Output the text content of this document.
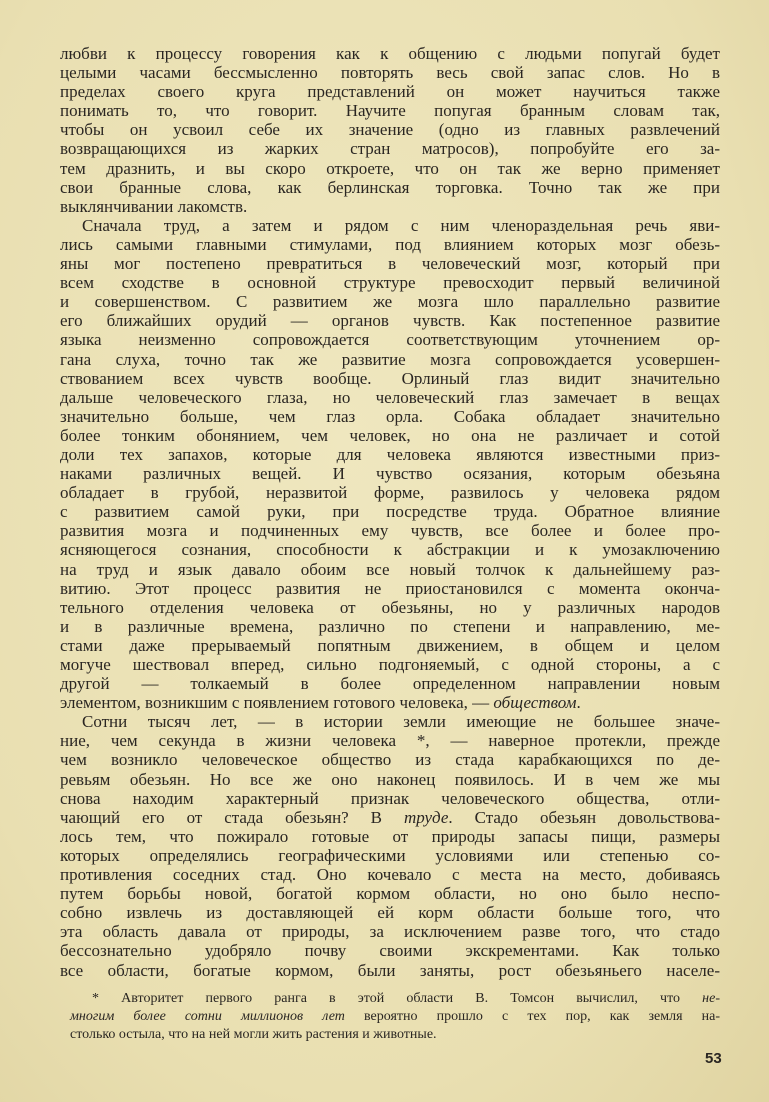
любви к процессу говорения как к общению с людьми попугай будет
целыми часами бессмысленно повторять весь свой запас слов. Но в
пределах своего круга представлений он может научиться также
понимать то, что говорит. Научите попугая бранным словам так,
чтобы он усвоил себе их значение (одно из главных развлечений
возвращающихся из жарких стран матросов), попробуйте его за-
тем дразнить, и вы скоро откроете, что он так же верно применяет
свои бранные слова, как берлинская торговка. Точно так же при
выклянчивании лакомств.
Сначала труд, а затем и рядом с ним членораздельная речь яви-
лись самыми главными стимулами, под влиянием которых мозг обезь-
яны мог постепено превратиться в человеческий мозг, который при
всем сходстве в основной структуре превосходит первый величиной
и совершенством. С развитием же мозга шло параллельно развитие
его ближайших орудий — органов чувств. Как постепенное развитие
языка неизменно сопровождается соответствующим уточнением ор-
гана слуха, точно так же развитие мозга сопровождается усовершен-
ствованием всех чувств вообще. Орлиный глаз видит значительно
дальше человеческого глаза, но человеческий глаз замечает в вещах
значительно больше, чем глаз орла. Собака обладает значительно
более тонким обонянием, чем человек, но она не различает и сотой
доли тех запахов, которые для человека являются известными приз-
наками различных вещей. И чувство осязания, которым обезьяна
обладает в грубой, неразвитой форме, развилось у человека рядом
с развитием самой руки, при посредстве труда. Обратное влияние
развития мозга и подчиненных ему чувств, все более и более про-
ясняющегося сознания, способности к абстракции и к умозаключению
на труд и язык давало обоим все новый толчок к дальнейшему раз-
витию. Этот процесс развития не приостановился с момента оконча-
тельного отделения человека от обезьяны, но у различных народов
и в различные времена, различно по степени и направлению, ме-
стами даже прерываемый попятным движением, в общем и целом
могуче шествовал вперед, сильно подгоняемый, с одной стороны, а с
другой — толкаемый в более определенном направлении новым
элементом, возникшим с появлением готового человека, — обществом.
Сотни тысяч лет, — в истории земли имеющие не большее значе-
ние, чем секунда в жизни человека *, — наверное протекли, прежде
чем возникло человеческое общество из стада карабкающихся по де-
ревьям обезьян. Но все же оно наконец появилось. И в чем же мы
снова находим характерный признак человеческого общества, отли-
чающий его от стада обезьян? В труде. Стадо обезьян довольствова-
лось тем, что пожирало готовые от природы запасы пищи, размеры
которых определялись географическими условиями или степенью со-
противления соседних стад. Оно кочевало с места на место, добиваясь
путем борьбы новой, богатой кормом области, но оно было неспо-
собно извлечь из доставляющей ей корм области больше того, что
эта область давала от природы, за исключением разве того, что стадо
бессознательно удобряло почву своими экскрементами. Как только
все области, богатые кормом, были заняты, рост обезьяньего населе-
* Авторитет первого ранга в этой области В. Томсон вычислил, что не-
многим более сотни миллионов лет вероятно прошло с тех пор, как земля на-
столько остыла, что на ней могли жить растения и животные.
53
